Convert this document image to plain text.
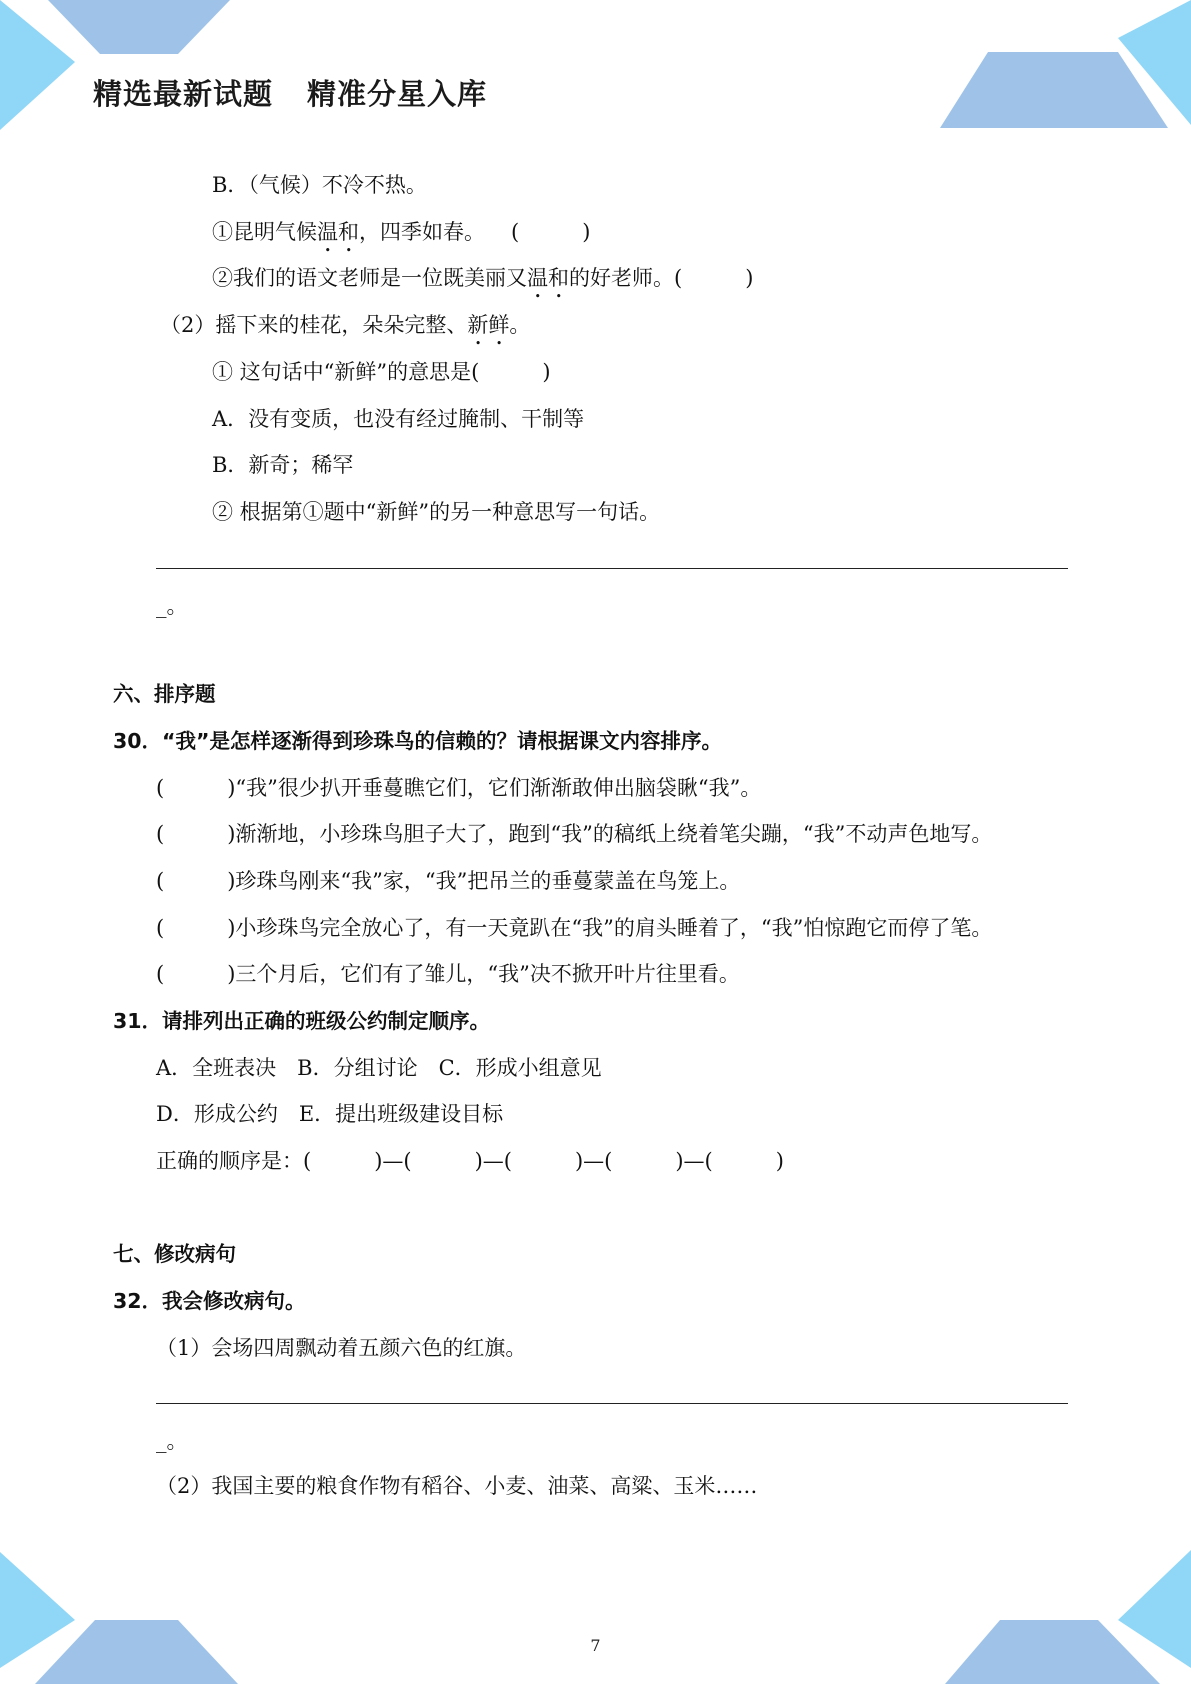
精选最新试题 精准分星入库

B．（气候）不冷不热。

①昆明气候温和，四季如春。 (　　　)

②我们的语文老师是一位既美丽又温和的好老师。(　　　)

（2）摇下来的桂花，朵朵完整、新鲜。

① 这句话中“新鲜”的意思是(　　　)

A．没有变质，也没有经过腌制、干制等

B．新奇；稀罕

② 根据第①题中“新鲜”的另一种意思写一句话。

_。

六、排序题

30．“我”是怎样逐渐得到珍珠鸟的信赖的？请根据课文内容排序。

(　　　)“我”很少扒开垂蔓瞧它们，它们渐渐敢伸出脑袋瞅“我”。

(　　　)渐渐地，小珍珠鸟胆子大了，跑到“我”的稿纸上绕着笔尖蹦，“我”不动声色地写。

(　　　)珍珠鸟刚来“我”家，“我”把吊兰的垂蔓蒙盖在鸟笼上。

(　　　)小珍珠鸟完全放心了，有一天竟趴在“我”的肩头睡着了，“我”怕惊跑它而停了笔。

(　　　)三个月后，它们有了雏儿，“我”决不掀开叶片往里看。

31．请排列出正确的班级公约制定顺序。

A．全班表决　B．分组讨论　C．形成小组意见

D．形成公约　E．提出班级建设目标

正确的顺序是：(　　　)—(　　　)—(　　　)—(　　　)—(　　　)

七、修改病句

32．我会修改病句。

（1）会场四周飘动着五颜六色的红旗。

_。

（2）我国主要的粮食作物有稻谷、小麦、油菜、高粱、玉米……

7
